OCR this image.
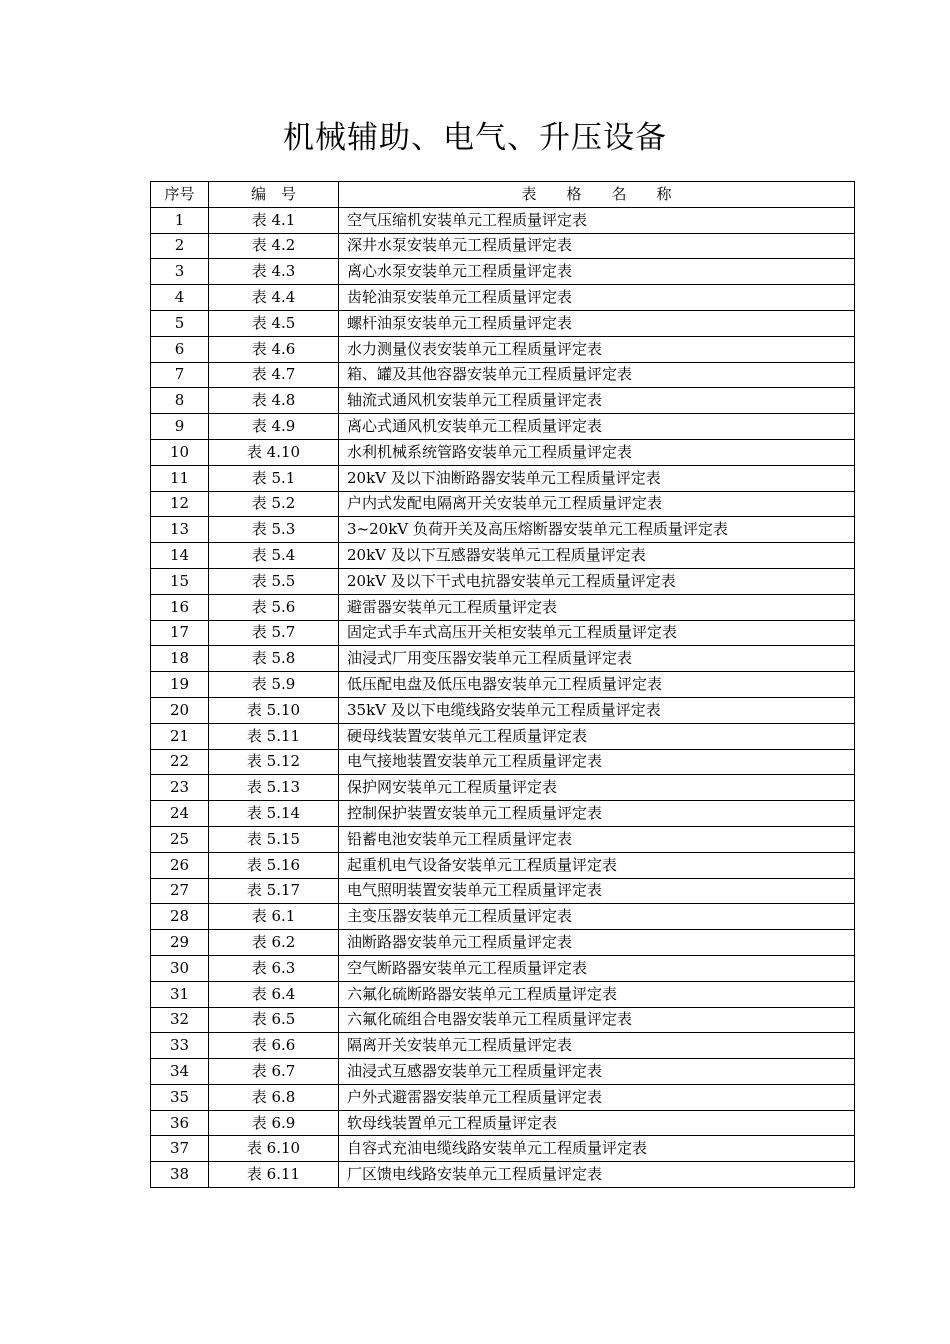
机械辅助、电气、升压设备
序号	编　号	表　　格　　名　　称
1	表 4.1	空气压缩机安装单元工程质量评定表
2	表 4.2	深井水泵安装单元工程质量评定表
3	表 4.3	离心水泵安装单元工程质量评定表
4	表 4.4	齿轮油泵安装单元工程质量评定表
5	表 4.5	螺杆油泵安装单元工程质量评定表
6	表 4.6	水力测量仪表安装单元工程质量评定表
7	表 4.7	箱、罐及其他容器安装单元工程质量评定表
8	表 4.8	轴流式通风机安装单元工程质量评定表
9	表 4.9	离心式通风机安装单元工程质量评定表
10	表 4.10	水利机械系统管路安装单元工程质量评定表
11	表 5.1	20kV 及以下油断路器安装单元工程质量评定表
12	表 5.2	户内式发配电隔离开关安装单元工程质量评定表
13	表 5.3	3~20kV 负荷开关及高压熔断器安装单元工程质量评定表
14	表 5.4	20kV 及以下互感器安装单元工程质量评定表
15	表 5.5	20kV 及以下干式电抗器安装单元工程质量评定表
16	表 5.6	避雷器安装单元工程质量评定表
17	表 5.7	固定式手车式高压开关柜安装单元工程质量评定表
18	表 5.8	油浸式厂用变压器安装单元工程质量评定表
19	表 5.9	低压配电盘及低压电器安装单元工程质量评定表
20	表 5.10	35kV 及以下电缆线路安装单元工程质量评定表
21	表 5.11	硬母线装置安装单元工程质量评定表
22	表 5.12	电气接地装置安装单元工程质量评定表
23	表 5.13	保护网安装单元工程质量评定表
24	表 5.14	控制保护装置安装单元工程质量评定表
25	表 5.15	铅蓄电池安装单元工程质量评定表
26	表 5.16	起重机电气设备安装单元工程质量评定表
27	表 5.17	电气照明装置安装单元工程质量评定表
28	表 6.1	主变压器安装单元工程质量评定表
29	表 6.2	油断路器安装单元工程质量评定表
30	表 6.3	空气断路器安装单元工程质量评定表
31	表 6.4	六氟化硫断路器安装单元工程质量评定表
32	表 6.5	六氟化硫组合电器安装单元工程质量评定表
33	表 6.6	隔离开关安装单元工程质量评定表
34	表 6.7	油浸式互感器安装单元工程质量评定表
35	表 6.8	户外式避雷器安装单元工程质量评定表
36	表 6.9	软母线装置单元工程质量评定表
37	表 6.10	自容式充油电缆线路安装单元工程质量评定表
38	表 6.11	厂区馈电线路安装单元工程质量评定表
